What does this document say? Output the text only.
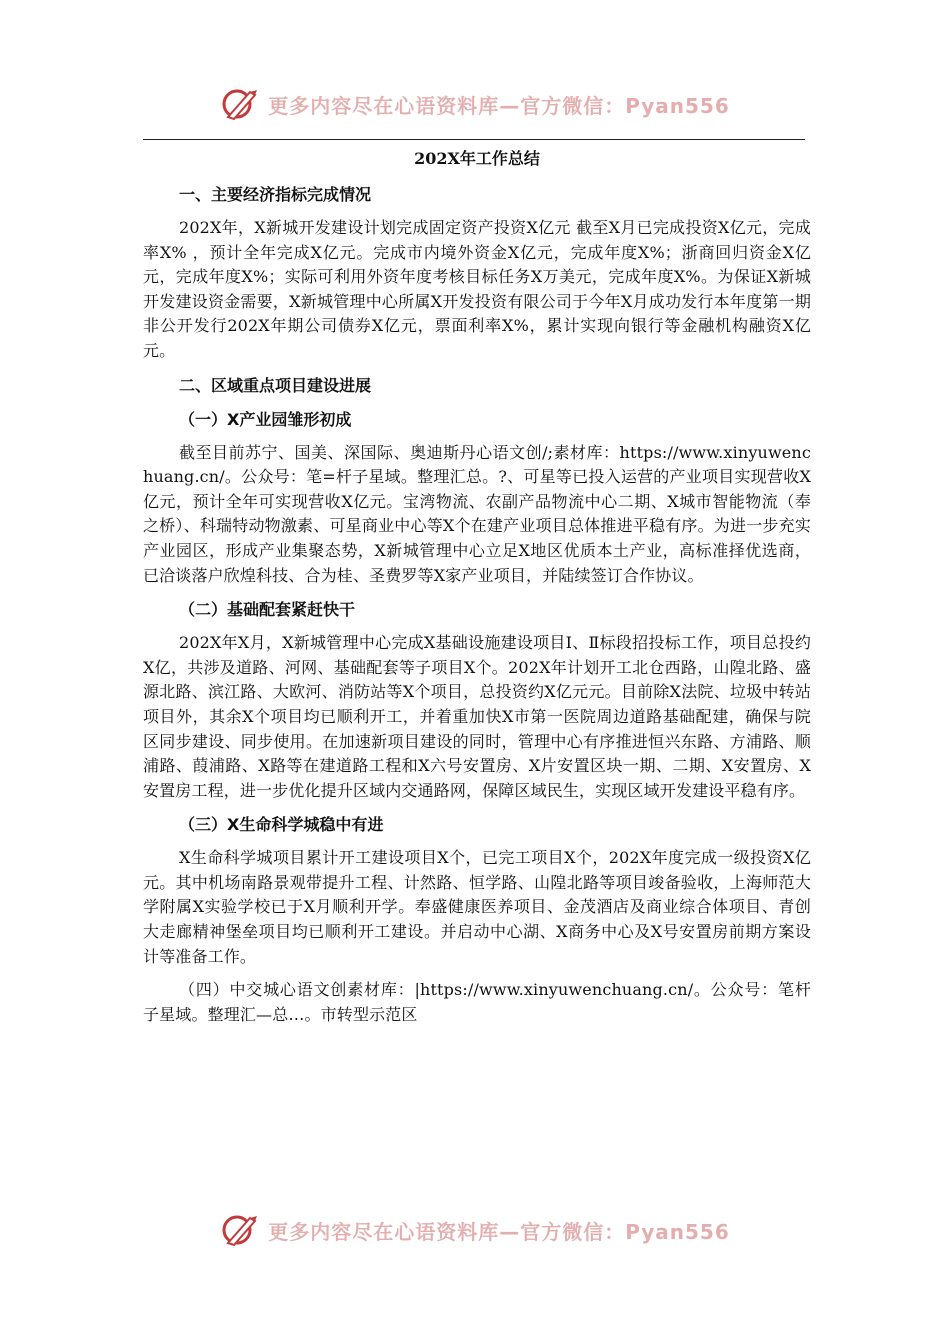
更多内容尽在心语资料库—官方微信：Pyan556
202X年工作总结
一、主要经济指标完成情况

202X年，X新城开发建设计划完成固定资产投资X亿元 截至X月已完成投资X亿元，完成率X% ，预计全年完成X亿元。完成市内境外资金X亿元，完成年度X%；浙商回归资金X亿元，完成年度X%；实际可利用外资年度考核目标任务X万美元，完成年度X%。为保证X新城开发建设资金需要，X新城管理中心所属X开发投资有限公司于今年X月成功发行本年度第一期非公开发行202X年期公司债券X亿元，票面利率X%，累计实现向银行等金融机构融资X亿元。

二、区域重点项目建设进展
（一）X产业园雏形初成

截至目前苏宁、国美、深国际、奥迪斯丹心语文创/;素材库：https://www.xinyuwenchuang.cn/。公众号：笔=杆子星域。整理汇总。?、可星等已投入运营的产业项目实现营收X亿元，预计全年可实现营收X亿元。宝湾物流、农副产品物流中心二期、X城市智能物流（奉之桥）、科瑞特动物激素、可星商业中心等X个在建产业项目总体推进平稳有序。为进一步充实产业园区，形成产业集聚态势，X新城管理中心立足X地区优质本土产业，高标准择优选商，已洽谈落户欣煌科技、合为桂、圣费罗等X家产业项目，并陆续签订合作协议。

（二）基础配套紧赶快干

202X年X月，X新城管理中心完成X基础设施建设项目Ⅰ、Ⅱ标段招投标工作，项目总投约X亿，共涉及道路、河网、基础配套等子项目X个。202X年计划开工北仓西路，山隍北路、盛源北路、滨江路、大欧河、消防站等X个项目，总投资约X亿元元。目前除X法院、垃圾中转站项目外，其余X个项目均已顺利开工，并着重加快X市第一医院周边道路基础配建，确保与院区同步建设、同步使用。在加速新项目建设的同时，管理中心有序推进恒兴东路、方浦路、顺浦路、葭浦路、X路等在建道路工程和X六号安置房、X片安置区块一期、二期、X安置房、X安置房工程，进一步优化提升区域内交通路网，保障区域民生，实现区域开发建设平稳有序。

（三）X生命科学城稳中有进

X生命科学城项目累计开工建设项目X个，已完工项目X个，202X年度完成一级投资X亿元。其中机场南路景观带提升工程、计然路、恒学路、山隍北路等项目竣备验收，上海师范大学附属X实验学校已于X月顺利开学。奉盛健康医养项目、金茂酒店及商业综合体项目、青创大走廊精神堡垒项目均已顺利开工建设。并启动中心湖、X商务中心及X号安置房前期方案设计等准备工作。

（四）中交城心语文创素材库：|https://www.xinyuwenchuang.cn/。公众号：笔杆子星域。整理汇—总…。市转型示范区

更多内容尽在心语资料库—官方微信：Pyan556
